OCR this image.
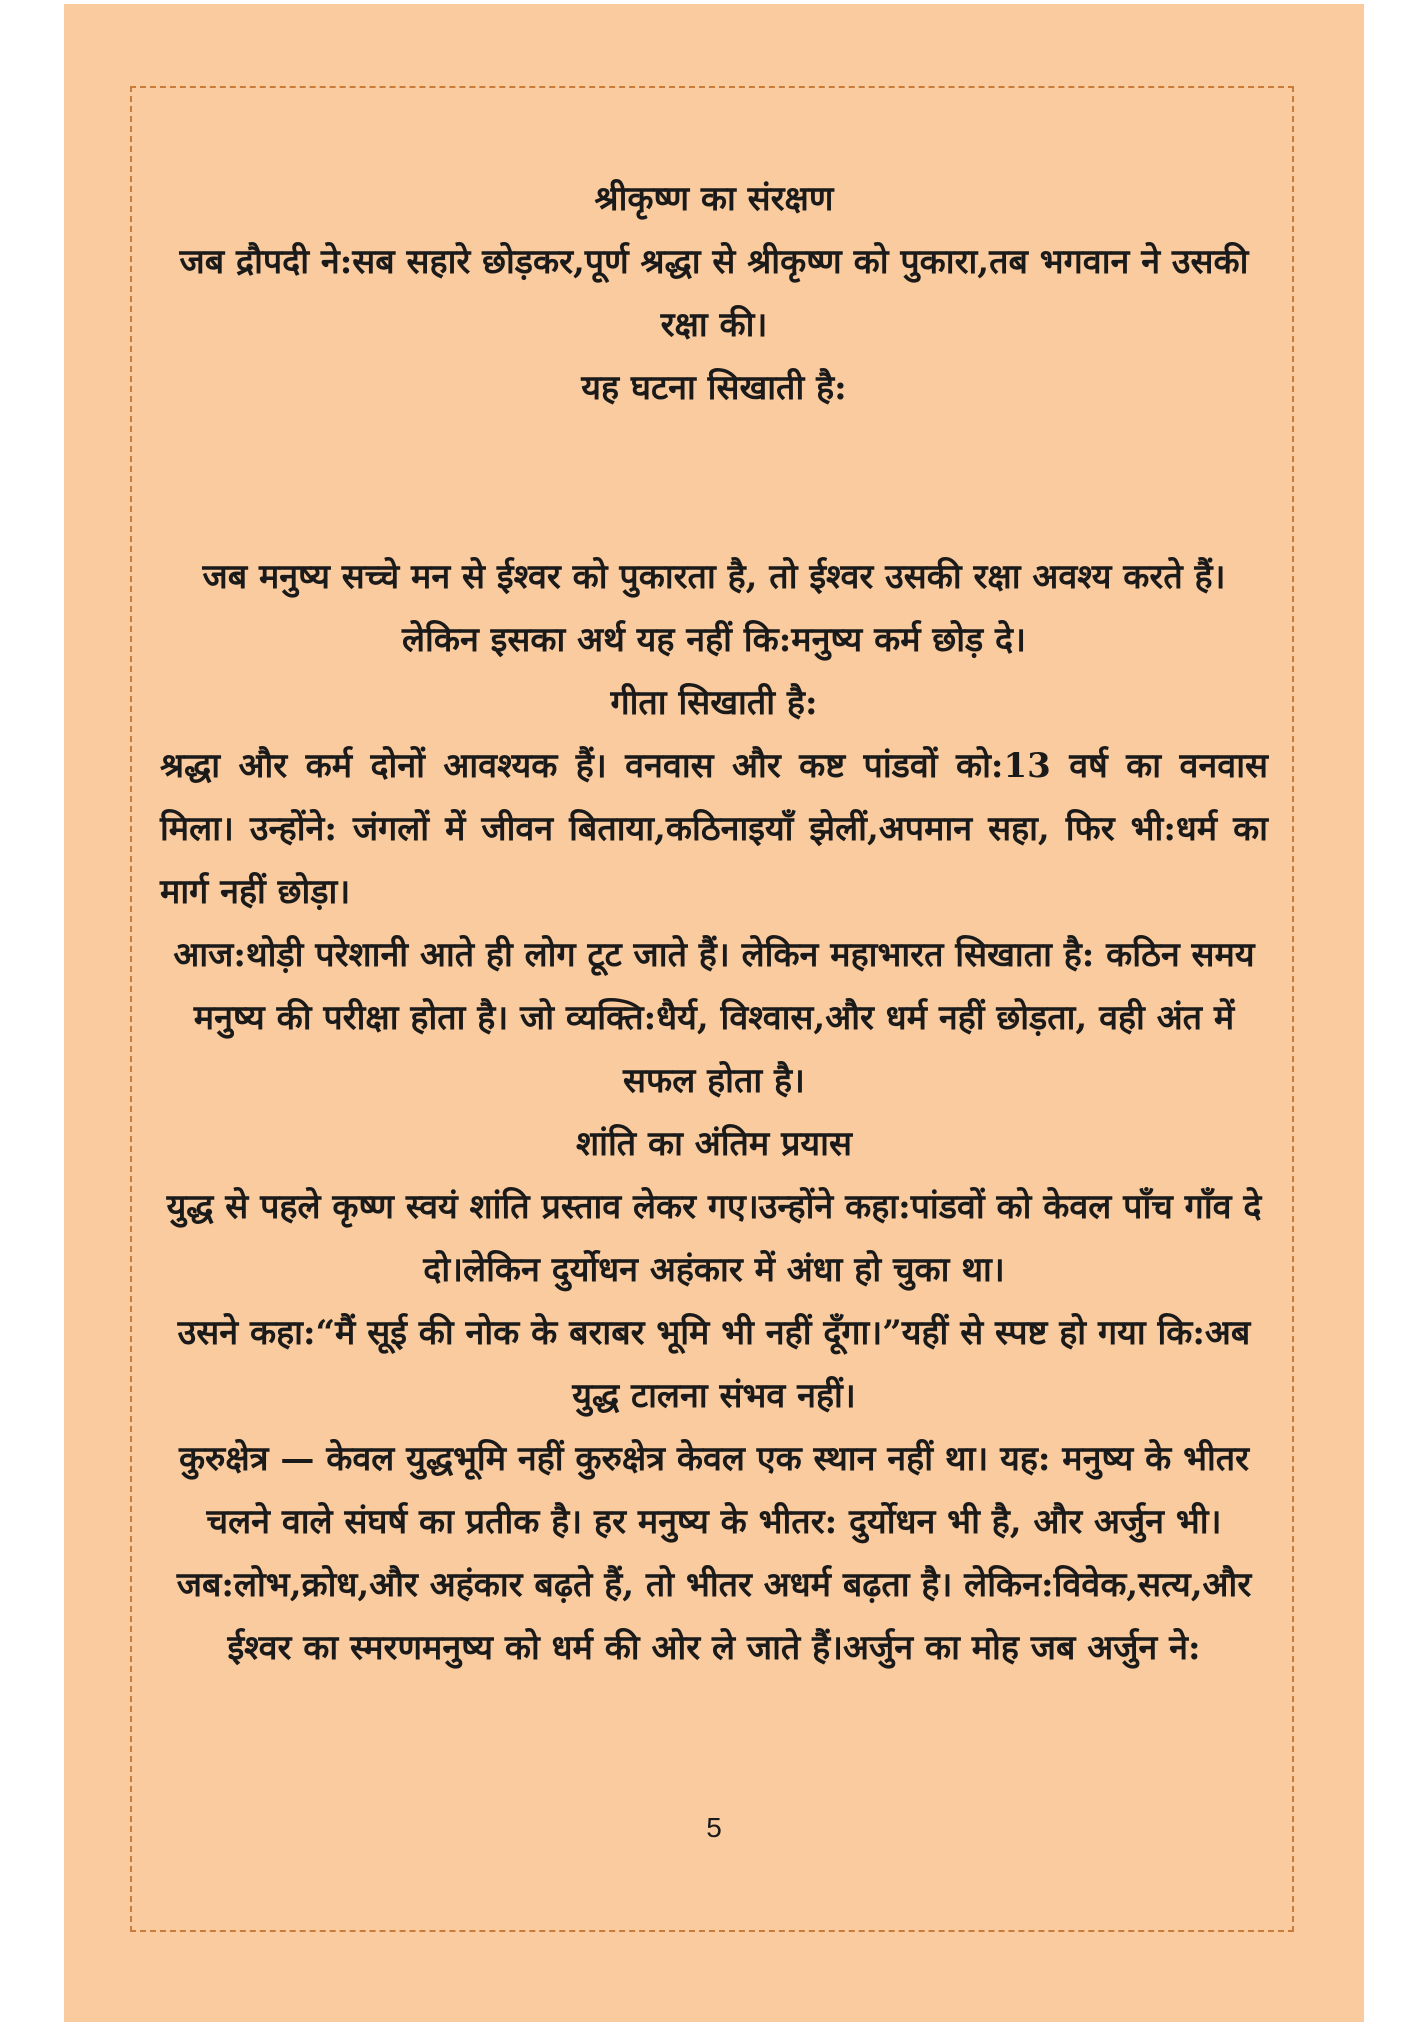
श्रीकृष्ण का संरक्षण

जब द्रौपदी ने:सब सहारे छोड़कर,पूर्ण श्रद्धा से श्रीकृष्ण को पुकारा,तब भगवान ने उसकी रक्षा की।

यह घटना सिखाती है:

जब मनुष्य सच्चे मन से ईश्वर को पुकारता है, तो ईश्वर उसकी रक्षा अवश्य करते हैं। लेकिन इसका अर्थ यह नहीं कि:मनुष्य कर्म छोड़ दे।

गीता सिखाती है:

श्रद्धा और कर्म दोनों आवश्यक हैं। वनवास और कष्ट पांडवों को:13 वर्ष का वनवास मिला। उन्होंने: जंगलों में जीवन बिताया,कठिनाइयाँ झेलीं,अपमान सहा, फिर भी:धर्म का मार्ग नहीं छोड़ा।

आज:थोड़ी परेशानी आते ही लोग टूट जाते हैं। लेकिन महाभारत सिखाता है: कठिन समय मनुष्य की परीक्षा होता है। जो व्यक्ति:धैर्य, विश्वास,और धर्म नहीं छोड़ता, वही अंत में सफल होता है।

शांति का अंतिम प्रयास

युद्ध से पहले कृष्ण स्वयं शांति प्रस्ताव लेकर गए।उन्होंने कहा:पांडवों को केवल पाँच गाँव दे दो।लेकिन दुर्योधन अहंकार में अंधा हो चुका था।

उसने कहा:“मैं सूई की नोक के बराबर भूमि भी नहीं दूँगा।”यहीं से स्पष्ट हो गया कि:अब युद्ध टालना संभव नहीं।

कुरुक्षेत्र — केवल युद्धभूमि नहीं कुरुक्षेत्र केवल एक स्थान नहीं था। यह: मनुष्य के भीतर चलने वाले संघर्ष का प्रतीक है। हर मनुष्य के भीतर: दुर्योधन भी है, और अर्जुन भी। जब:लोभ,क्रोध,और अहंकार बढ़ते हैं, तो भीतर अधर्म बढ़ता है। लेकिन:विवेक,सत्य,और ईश्वर का स्मरणमनुष्य को धर्म की ओर ले जाते हैं।अर्जुन का मोह जब अर्जुन ने:

5
